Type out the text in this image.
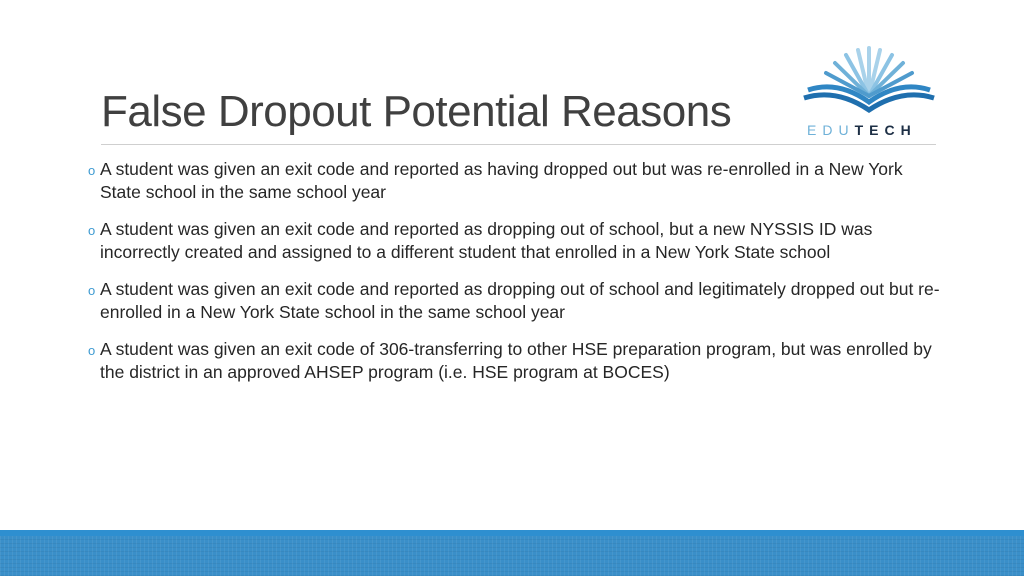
False Dropout Potential Reasons	EDUTECH
o A student was given an exit code and reported as having dropped out but was re-enrolled in a New York State school in the same school year
o A student was given an exit code and reported as dropping out of school, but a new NYSSIS ID was incorrectly created and assigned to a different student that enrolled in a New York State school
o A student was given an exit code and reported as dropping out of school and legitimately dropped out but re-enrolled in a New York State school in the same school year
o A student was given an exit code of 306-transferring to other HSE preparation program, but was enrolled by the district in an approved AHSEP program (i.e. HSE program at BOCES)
